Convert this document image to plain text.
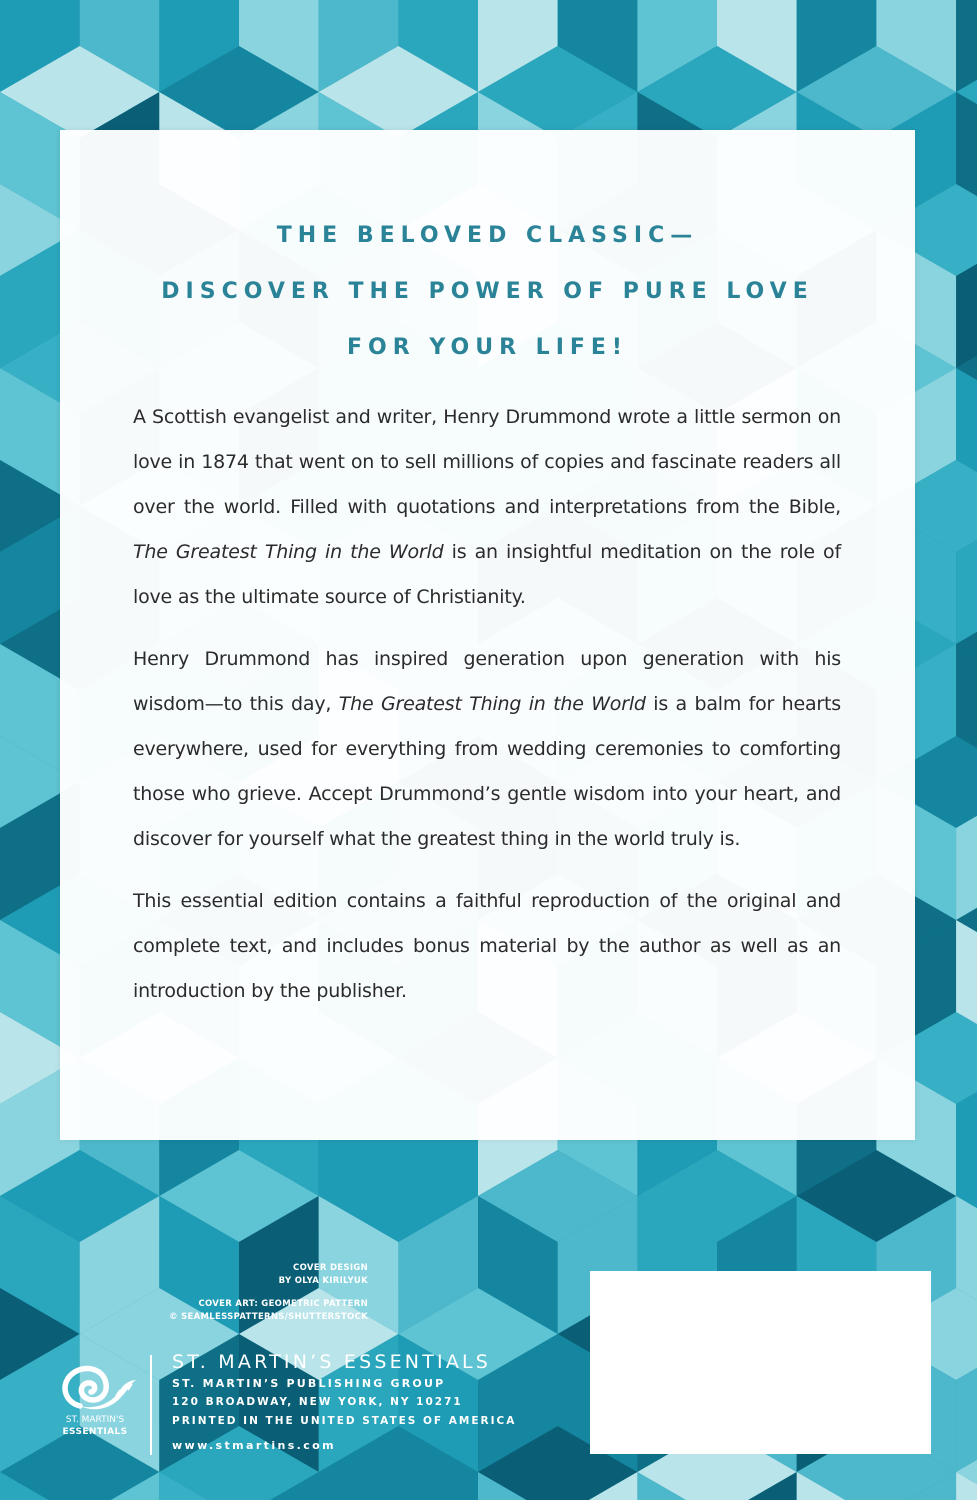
THE BELOVED CLASSIC—
DISCOVER THE POWER OF PURE LOVE
FOR YOUR LIFE!

A Scottish evangelist and writer, Henry Drummond wrote a little sermon on love in 1874 that went on to sell millions of copies and fascinate readers all over the world. Filled with quotations and interpretations from the Bible, The Greatest Thing in the World is an insightful meditation on the role of love as the ultimate source of Christianity.

Henry Drummond has inspired generation upon generation with his wisdom—to this day, The Greatest Thing in the World is a balm for hearts everywhere, used for everything from wedding ceremonies to comforting those who grieve. Accept Drummond’s gentle wisdom into your heart, and discover for yourself what the greatest thing in the world truly is.

This essential edition contains a faithful reproduction of the original and complete text, and includes bonus material by the author as well as an introduction by the publisher.

COVER DESIGN
BY OLYA KIRILYUK
COVER ART: GEOMETRIC PATTERN
© SEAMLESSPATTERNS/SHUTTERSTOCK
ST. MARTIN'S
ESSENTIALS
ST. MARTIN’S ESSENTIALS
ST. MARTIN’S PUBLISHING GROUP
120 BROADWAY, NEW YORK, NY 10271
PRINTED IN THE UNITED STATES OF AMERICA
www.stmartins.com
